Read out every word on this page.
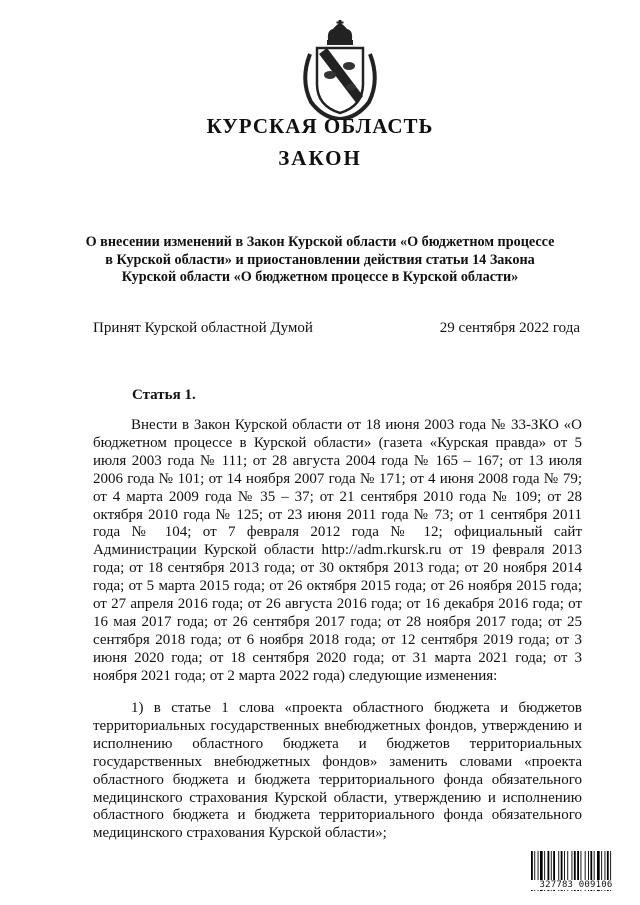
КУРСКАЯ ОБЛАСТЬ
ЗАКОН
О внесении изменений в Закон Курской области «О бюджетном процессе в Курской области» и приостановлении действия статьи 14 Закона Курской области «О бюджетном процессе в Курской области»
Принят Курской областной Думой	29 сентября 2022 года
Статья 1.
Внести в Закон Курской области от 18 июня 2003 года № 33-ЗКО «О бюджетном процессе в Курской области» (газета «Курская правда» от 5 июля 2003 года № 111; от 28 августа 2004 года № 165 – 167; от 13 июля 2006 года № 101; от 14 ноября 2007 года № 171; от 4 июня 2008 года № 79; от 4 марта 2009 года № 35 – 37; от 21 сентября 2010 года № 109; от 28 октября 2010 года № 125; от 23 июня 2011 года № 73; от 1 сентября 2011 года № 104; от 7 февраля 2012 года № 12; официальный сайт Администрации Курской области http://adm.rkursk.ru от 19 февраля 2013 года; от 18 сентября 2013 года; от 30 октября 2013 года; от 20 ноября 2014 года; от 5 марта 2015 года; от 26 октября 2015 года; от 26 ноября 2015 года; от 27 апреля 2016 года; от 26 августа 2016 года; от 16 декабря 2016 года; от 16 мая 2017 года; от 26 сентября 2017 года; от 28 ноября 2017 года; от 25 сентября 2018 года; от 6 ноября 2018 года; от 12 сентября 2019 года; от 3 июня 2020 года; от 18 сентября 2020 года; от 31 марта 2021 года; от 3 ноября 2021 года; от 2 марта 2022 года) следующие изменения:
1) в статье 1 слова «проекта областного бюджета и бюджетов территориальных государственных внебюджетных фондов, утверждению и исполнению областного бюджета и бюджетов территориальных государственных внебюджетных фондов» заменить словами «проекта областного бюджета и бюджета территориального фонда обязательного медицинского страхования Курской области, утверждению и исполнению областного бюджета и бюджета территориального фонда обязательного медицинского страхования Курской области»;
327783 009106
